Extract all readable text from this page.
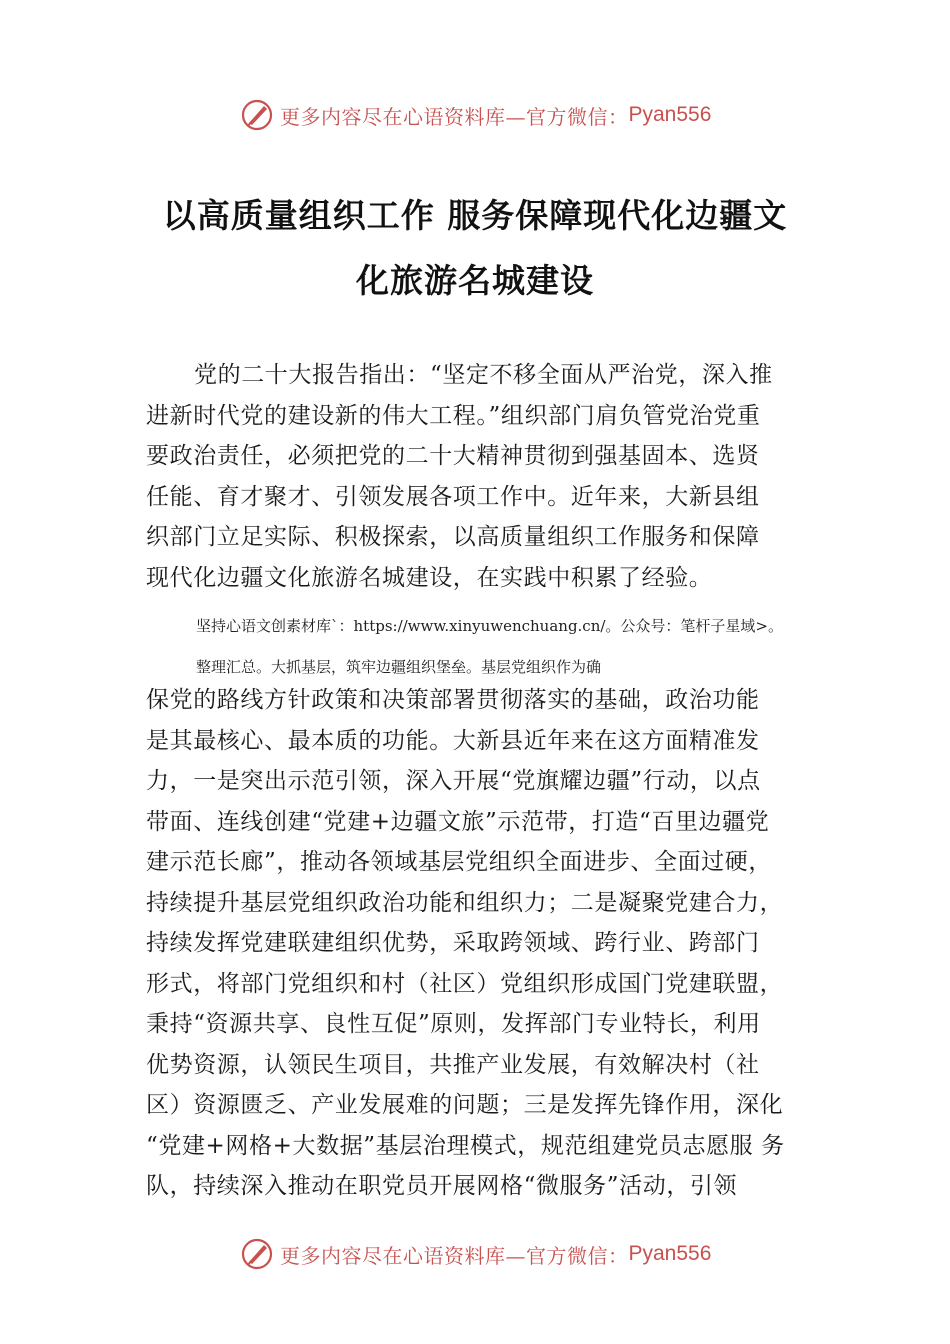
更多内容尽在心语资料库—官方微信： Pyan556
以高质量组织工作 服务保障现代化边疆文
化旅游名城建设
党的二十大报告指出：“坚定不移全面从严治党，深入推
进新时代党的建设新的伟大工程。”组织部门肩负管党治党重
要政治责任，必须把党的二十大精神贯彻到强基固本、选贤
任能、育才聚才、引领发展各项工作中。近年来，大新县组
织部门立足实际、积极探索，以高质量组织工作服务和保障
现代化边疆文化旅游名城建设，在实践中积累了经验。
坚持心语文创素材库`：https://www.xinyuwenchuang.cn/。公众号：笔杆子星域>。
整理汇总。大抓基层，筑牢边疆组织堡垒。基层党组织作为确
保党的路线方针政策和决策部署贯彻落实的基础，政治功能
是其最核心、最本质的功能。大新县近年来在这方面精准发
力，一是突出示范引领，深入开展“党旗耀边疆”行动，以点
带面、连线创建“党建+边疆文旅”示范带，打造“百里边疆党
建示范长廊”，推动各领域基层党组织全面进步、全面过硬，
持续提升基层党组织政治功能和组织力；二是凝聚党建合力，
持续发挥党建联建组织优势，采取跨领域、跨行业、跨部门
形式，将部门党组织和村（社区）党组织形成国门党建联盟，
秉持“资源共享、良性互促”原则，发挥部门专业特长，利用
优势资源，认领民生项目，共推产业发展，有效解决村（社
区）资源匮乏、产业发展难的问题；三是发挥先锋作用，深化
“党建+网格+大数据”基层治理模式，规范组建党员志愿服 务
队，持续深入推动在职党员开展网格“微服务”活动，引领
更多内容尽在心语资料库—官方微信： Pyan556
